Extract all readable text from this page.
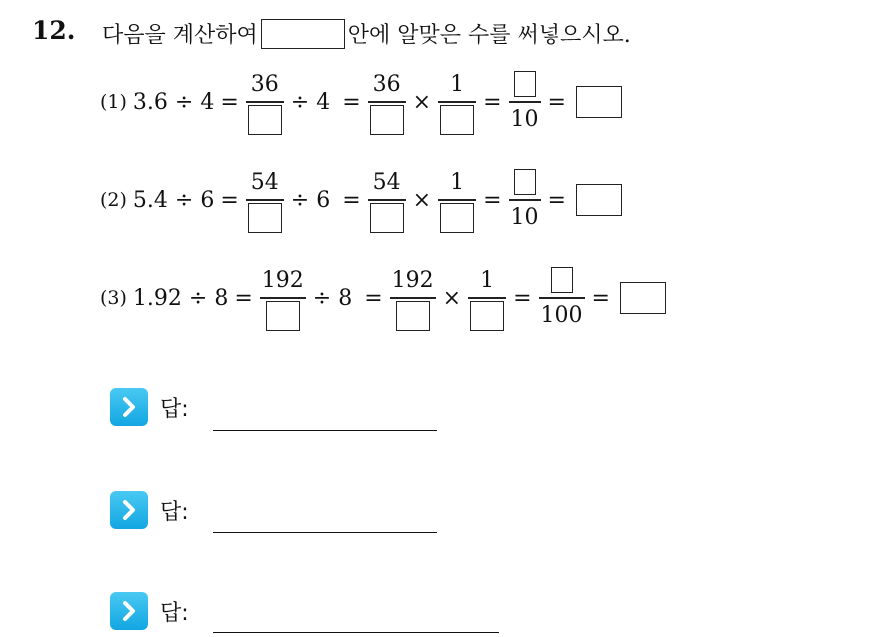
12. 다음을 계산하여	안에 알맞은 수를 써넣으시오.
(1) 3.6 ÷ 4 =
36
÷ 4 =
36
×
1
=
10
=
(2) 5.4 ÷ 6 =
54
÷ 6 =
54
×
1
=
10
=
(3) 1.92 ÷ 8 =
192
÷ 8 =
192
×
1
=
100
=
답:
답:
답:
